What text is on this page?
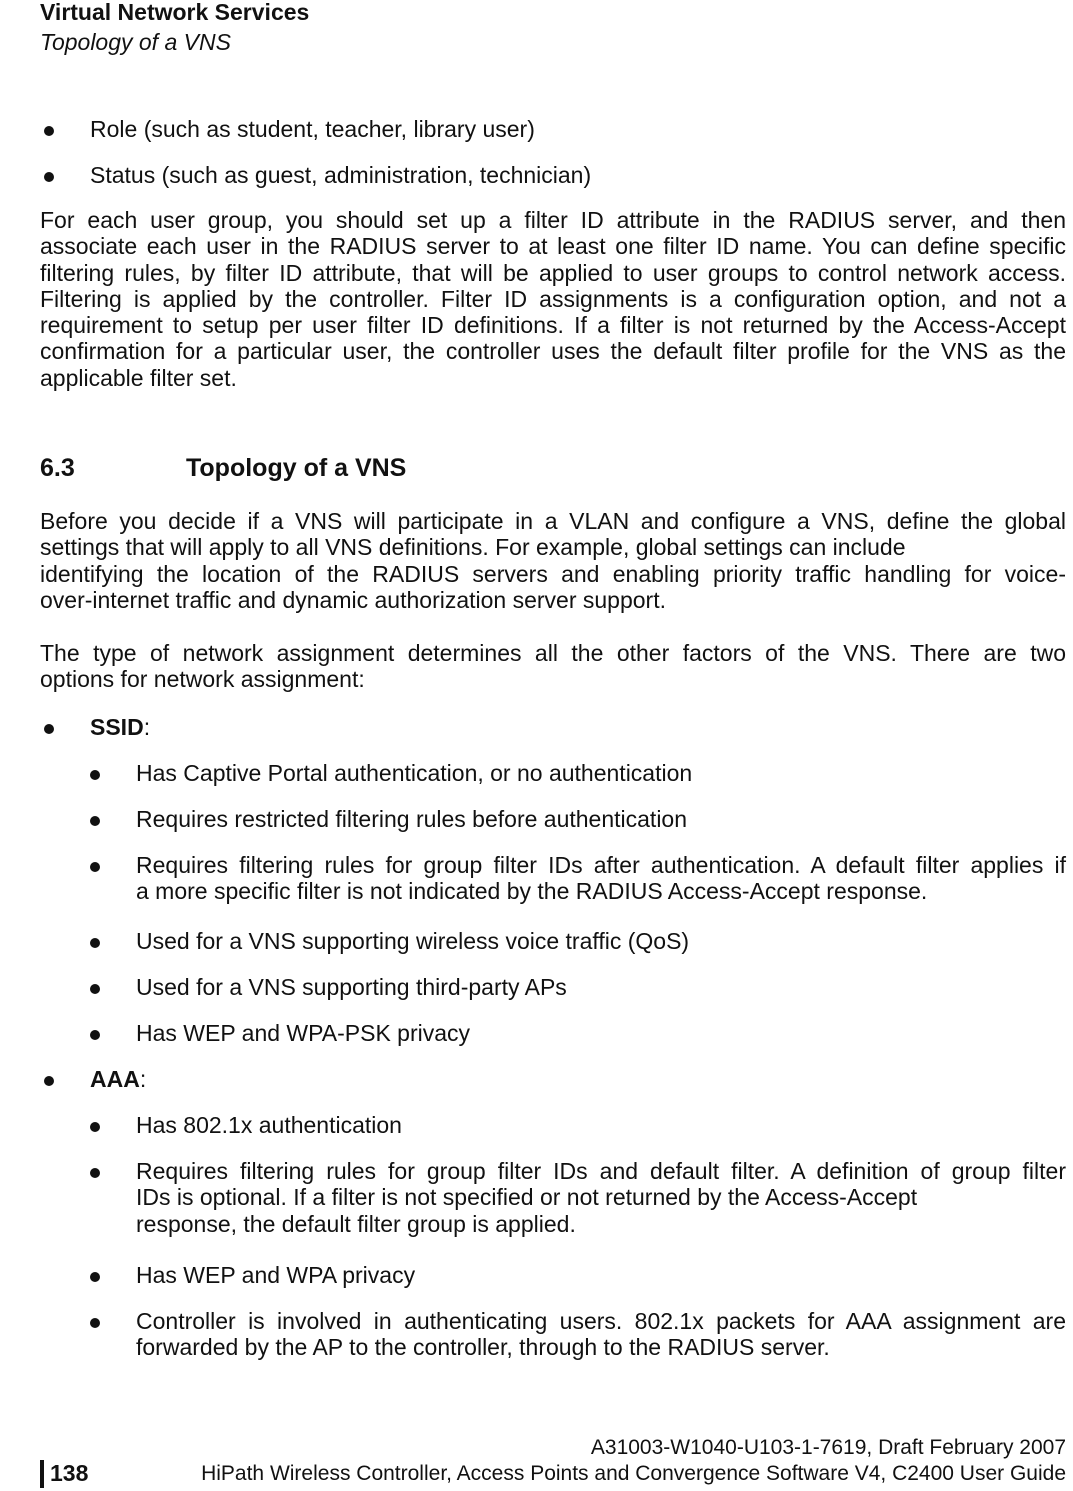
Virtual Network Services
Topology of a VNS
Role (such as student, teacher, library user)
Status (such as guest, administration, technician)
For each user group, you should set up a filter ID attribute in the RADIUS server, and then
associate each user in the RADIUS server to at least one filter ID name. You can define specific
filtering rules, by filter ID attribute, that will be applied to user groups to control network access.
Filtering is applied by the controller. Filter ID assignments is a configuration option, and not a
requirement to setup per user filter ID definitions. If a filter is not returned by the Access-Accept
confirmation for a particular user, the controller uses the default filter profile for the VNS as the
applicable filter set.
6.3	Topology of a VNS
Before you decide if a VNS will participate in a VLAN and configure a VNS, define the global
settings that will apply to all VNS definitions. For example, global settings can include
identifying the location of the RADIUS servers and enabling priority traffic handling for voice-
over-internet traffic and dynamic authorization server support.
The type of network assignment determines all the other factors of the VNS. There are two
options for network assignment:
SSID:
Has Captive Portal authentication, or no authentication
Requires restricted filtering rules before authentication
Requires filtering rules for group filter IDs after authentication. A default filter applies if
a more specific filter is not indicated by the RADIUS Access-Accept response.
Used for a VNS supporting wireless voice traffic (QoS)
Used for a VNS supporting third-party APs
Has WEP and WPA-PSK privacy
AAA:
Has 802.1x authentication
Requires filtering rules for group filter IDs and default filter. A definition of group filter
IDs is optional. If a filter is not specified or not returned by the Access-Accept
response, the default filter group is applied.
Has WEP and WPA privacy
Controller is involved in authenticating users. 802.1x packets for AAA assignment are
forwarded by the AP to the controller, through to the RADIUS server.
138
A31003-W1040-U103-1-7619, Draft February 2007
HiPath Wireless Controller, Access Points and Convergence Software V4, C2400 User Guide
